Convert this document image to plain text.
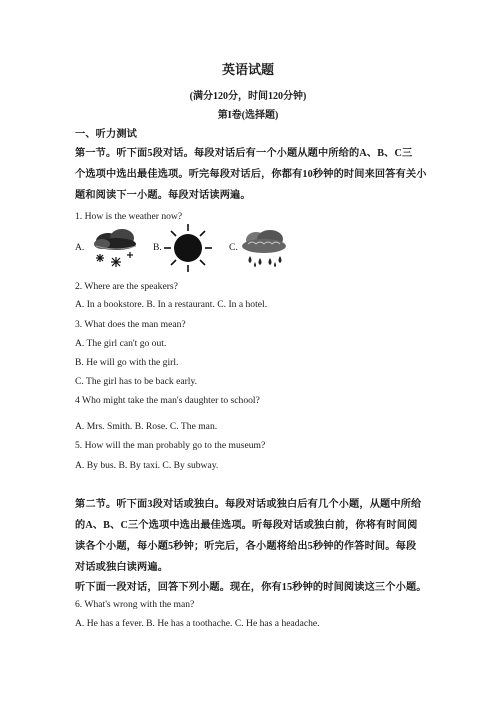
英语试题
(满分120分，时间120分钟)
第I卷(选择题)
一、听力测试
第一节。听下面5段对话。每段对话后有一个小题从题中所给的A、B、C三
个选项中选出最佳选项。听完每段对话后，你都有10秒钟的时间来回答有关小
题和阅读下一小题。每段对话读两遍。
1. How is the weather now?
A.	B.	C.
2. Where are the speakers?
A. In a bookstore. B. In a restaurant. C. In a hotel.
3. What does the man mean?
A. The girl can't go out.
B. He will go with the girl.
C. The girl has to be back early.
4 Who might take the man's daughter to school?
A. Mrs. Smith. B. Rose. C. The man.
5. How will the man probably go to the museum?
A. By bus. B. By taxi. C. By subway.
第二节。听下面3段对话或独白。每段对话或独白后有几个小题，从题中所给
的A、B、C三个选项中选出最佳选项。听每段对话或独白前，你将有时间阅
读各个小题，每小题5秒钟；听完后，各小题将给出5秒钟的作答时间。每段
对话或独白读两遍。
听下面一段对话，回答下列小题。现在，你有15秒钟的时间阅读这三个小题。
6. What's wrong with the man?
A. He has a fever. B. He has a toothache. C. He has a headache.
